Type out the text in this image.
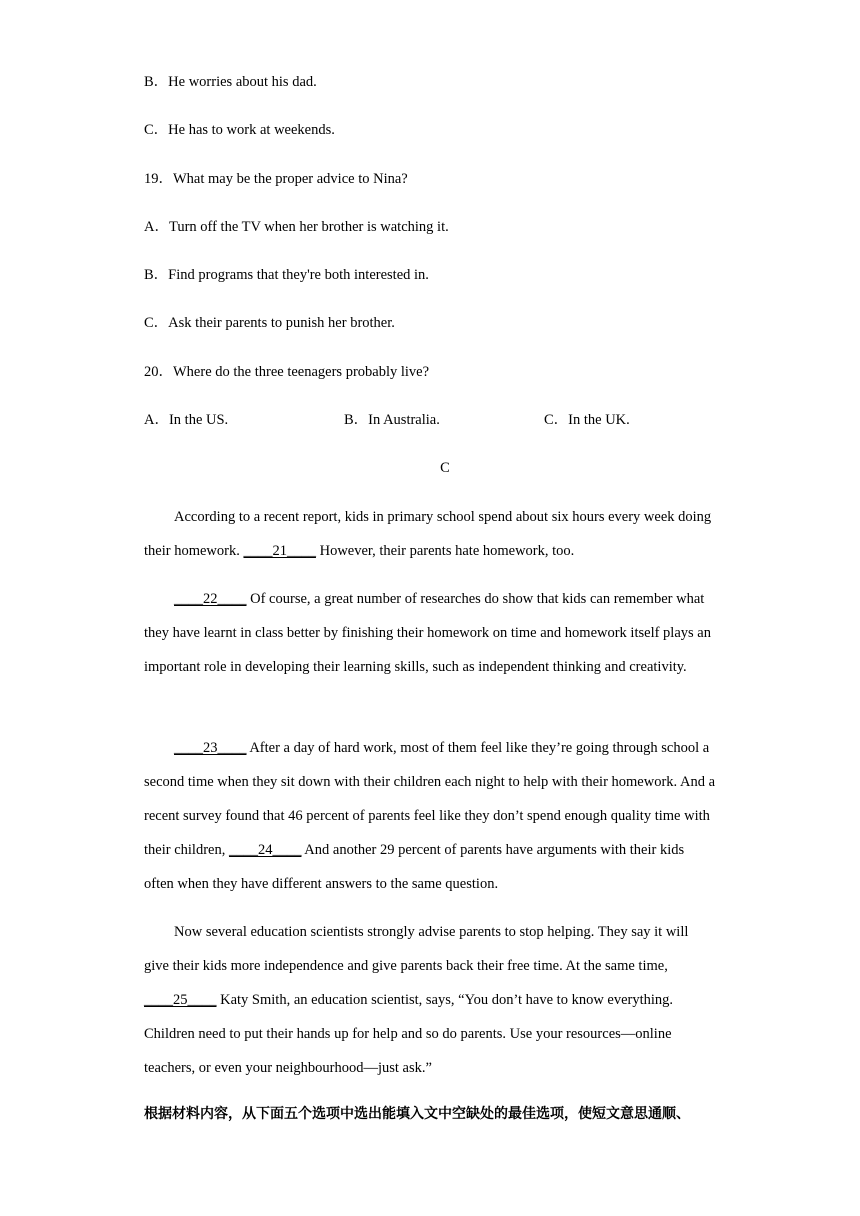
B．He worries about his dad.
C．He has to work at weekends.
19．What may be the proper advice to Nina?
A．Turn off the TV when her brother is watching it.
B．Find programs that they're both interested in.
C．Ask their parents to punish her brother.
20．Where do the three teenagers probably live?
A．In the US.	B．In Australia.	C．In the UK.
C
According to a recent report, kids in primary school spend about six hours every week doing their homework. ____21____ However, their parents hate homework, too.
____22____ Of course, a great number of researches do show that kids can remember what they have learnt in class better by finishing their homework on time and homework itself plays an important role in developing their learning skills, such as independent thinking and creativity.
____23____ After a day of hard work, most of them feel like they’re going through school a second time when they sit down with their children each night to help with their homework. And a recent survey found that 46 percent of parents feel like they don’t spend enough quality time with their children, ____24____ And another 29 percent of parents have arguments with their kids often when they have different answers to the same question.
Now several education scientists strongly advise parents to stop helping. They say it will give their kids more independence and give parents back their free time. At the same time, ____25____ Katy Smith, an education scientist, says, “You don’t have to know everything. Children need to put their hands up for help and so do parents. Use your resources—online teachers, or even your neighbourhood—just ask.”
根据材料内容，从下面五个选项中选出能填入文中空缺处的最佳选项，使短文意思通顺、
